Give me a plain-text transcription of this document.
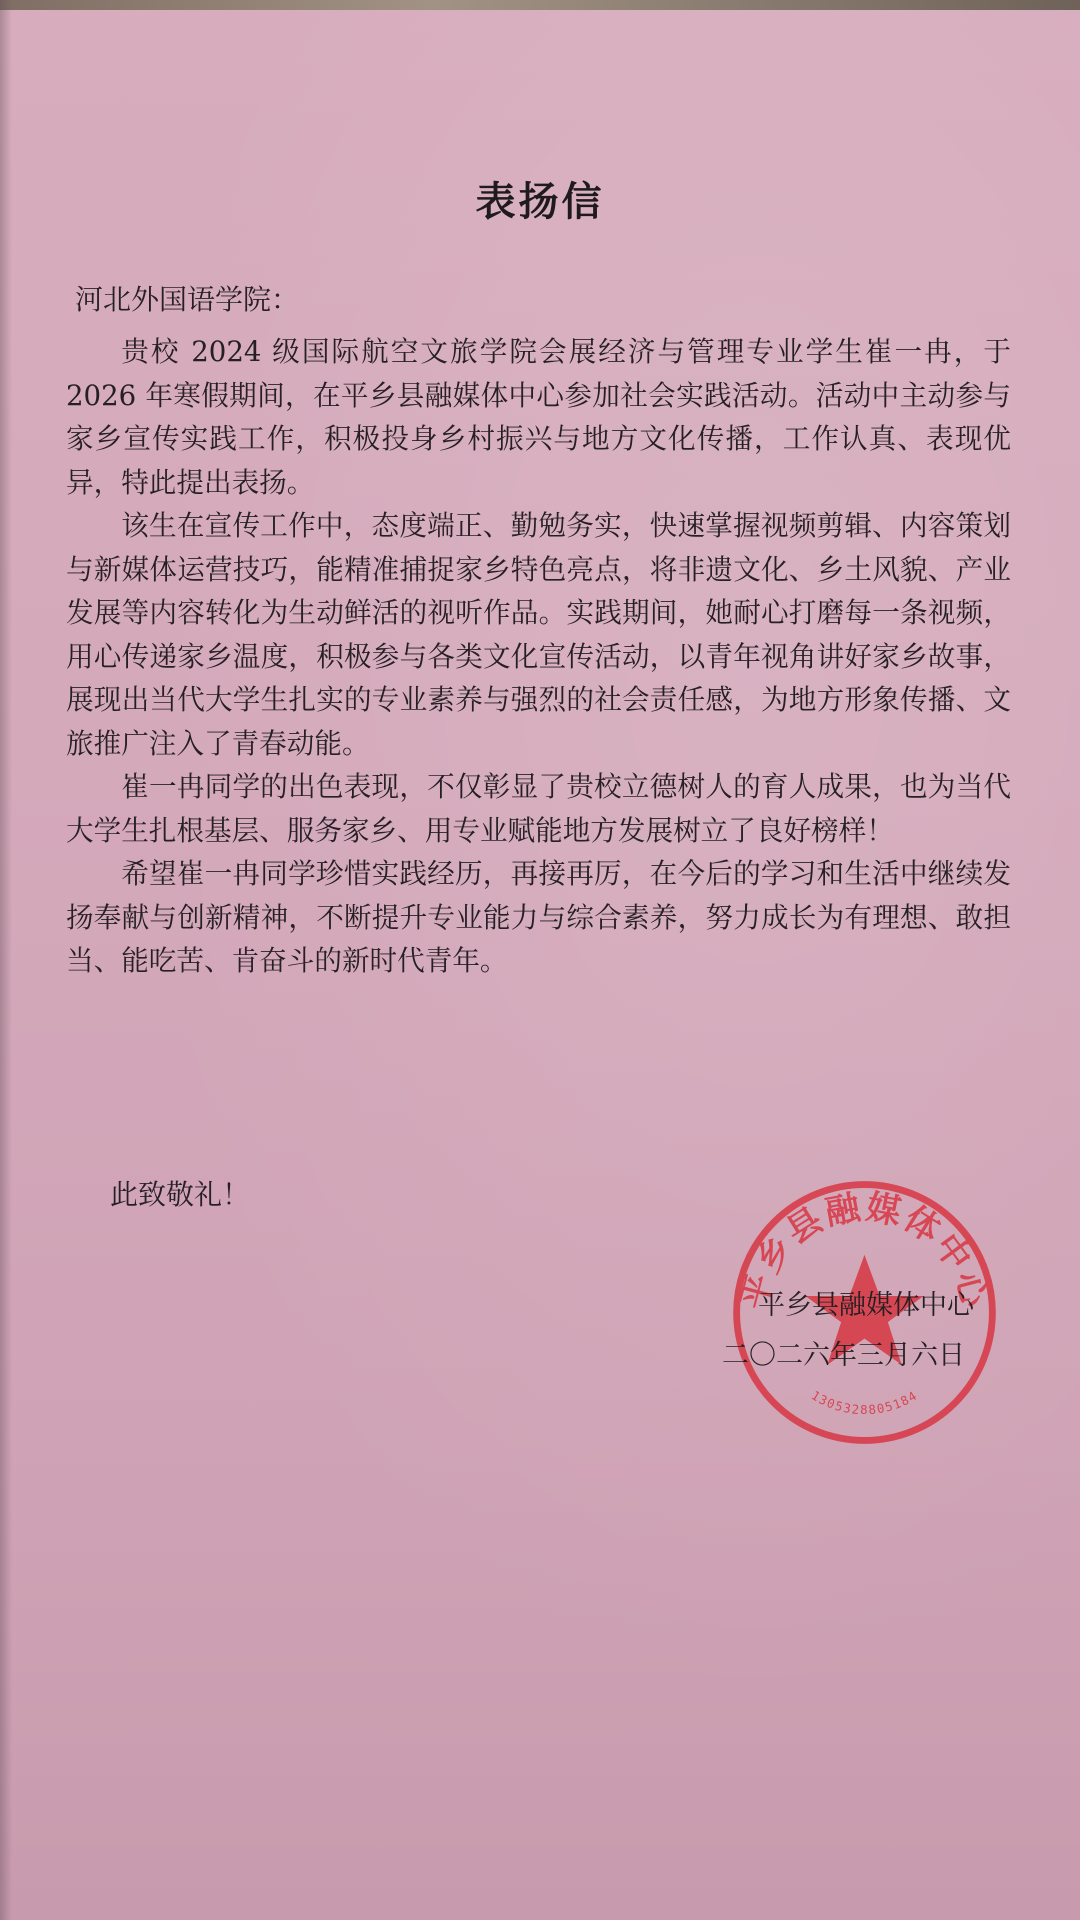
表扬信
河北外国语学院：

贵校 2024 级国际航空文旅学院会展经济与管理专业学生崔一冉，于 2026 年寒假期间，在平乡县融媒体中心参加社会实践活动。活动中主动参与家乡宣传实践工作，积极投身乡村振兴与地方文化传播，工作认真、表现优异，特此提出表扬。

该生在宣传工作中，态度端正、勤勉务实，快速掌握视频剪辑、内容策划与新媒体运营技巧，能精准捕捉家乡特色亮点，将非遗文化、乡土风貌、产业发展等内容转化为生动鲜活的视听作品。实践期间，她耐心打磨每一条视频，用心传递家乡温度，积极参与各类文化宣传活动，以青年视角讲好家乡故事，展现出当代大学生扎实的专业素养与强烈的社会责任感，为地方形象传播、文旅推广注入了青春动能。

崔一冉同学的出色表现，不仅彰显了贵校立德树人的育人成果，也为当代大学生扎根基层、服务家乡、用专业赋能地方发展树立了良好榜样！

希望崔一冉同学珍惜实践经历，再接再厉，在今后的学习和生活中继续发扬奉献与创新精神，不断提升专业能力与综合素养，努力成长为有理想、敢担当、能吃苦、肯奋斗的新时代青年。

此致敬礼！
平乡县融媒体中心
1305328805184
平乡县融媒体中心
二〇二六年三月六日
